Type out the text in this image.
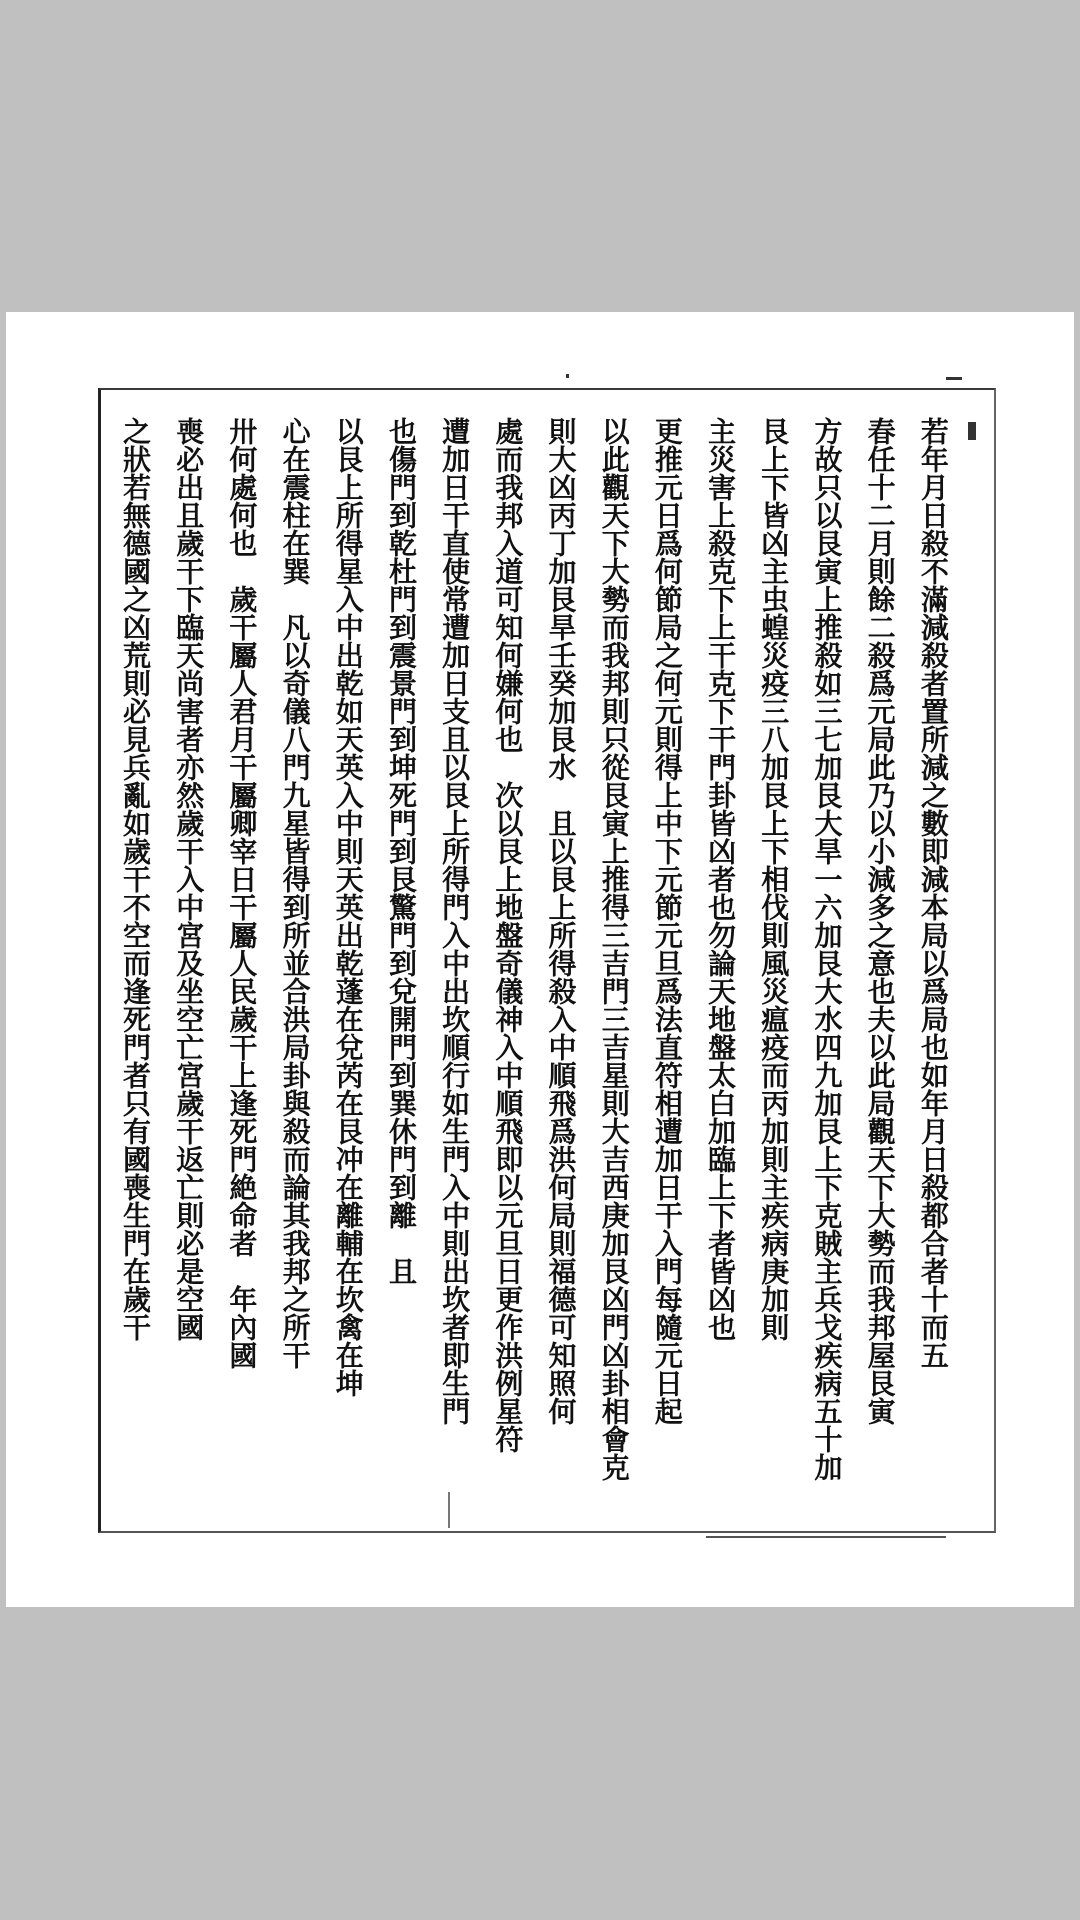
若年月日殺不滿減殺者置所減之數即減本局以爲局也如年月日殺都合者十而五
春任十二月則餘二殺爲元局此乃以小減多之意也夫以此局觀天下大勢而我邦屋艮寅
方故只以艮寅上推殺如三七加艮大旱一六加艮大水四九加艮上下克賊主兵戈疾病五十加
艮上下皆凶主虫蝗災疫三八加艮上下相伐則風災瘟疫而丙加則主疾病庚加則
主災害上殺克下上干克下干門卦皆凶者也勿論天地盤太白加臨上下者皆凶也
更推元日爲何節局之何元則得上中下元節元旦爲法直符相遭加日干入門每隨元日起
以此觀天下大勢而我邦則只從艮寅上推得三吉門三吉星則大吉西庚加艮凶門凶卦相會克
則大凶丙丁加艮旱壬癸加艮水　且以艮上所得殺入中順飛爲洪何局則福德可知照何
處而我邦入道可知何嫌何也　次以艮上地盤奇儀神入中順飛即以元旦日更作洪例星符
遭加日干直使常遭加日支且以艮上所得門入中出坎順行如生門入中則出坎者即生門
也傷門到乾杜門到震景門到坤死門到艮驚門到兌開門到巽休門到離　且
以艮上所得星入中出乾如天英入中則天英出乾蓬在兌芮在艮冲在離輔在坎禽在坤
心在震柱在巽　凡以奇儀八門九星皆得到所並合洪局卦與殺而論其我邦之所干
卅何處何也　歲干屬人君月干屬卿宰日干屬人民歲干上逢死門絶命者　年內國
喪必出且歲干下臨天尚害者亦然歲干入中宮及坐空亡宮歲干返亡則必是空國
之狀若無德國之凶荒則必見兵亂如歲干不空而逢死門者只有國喪生門在歲干
